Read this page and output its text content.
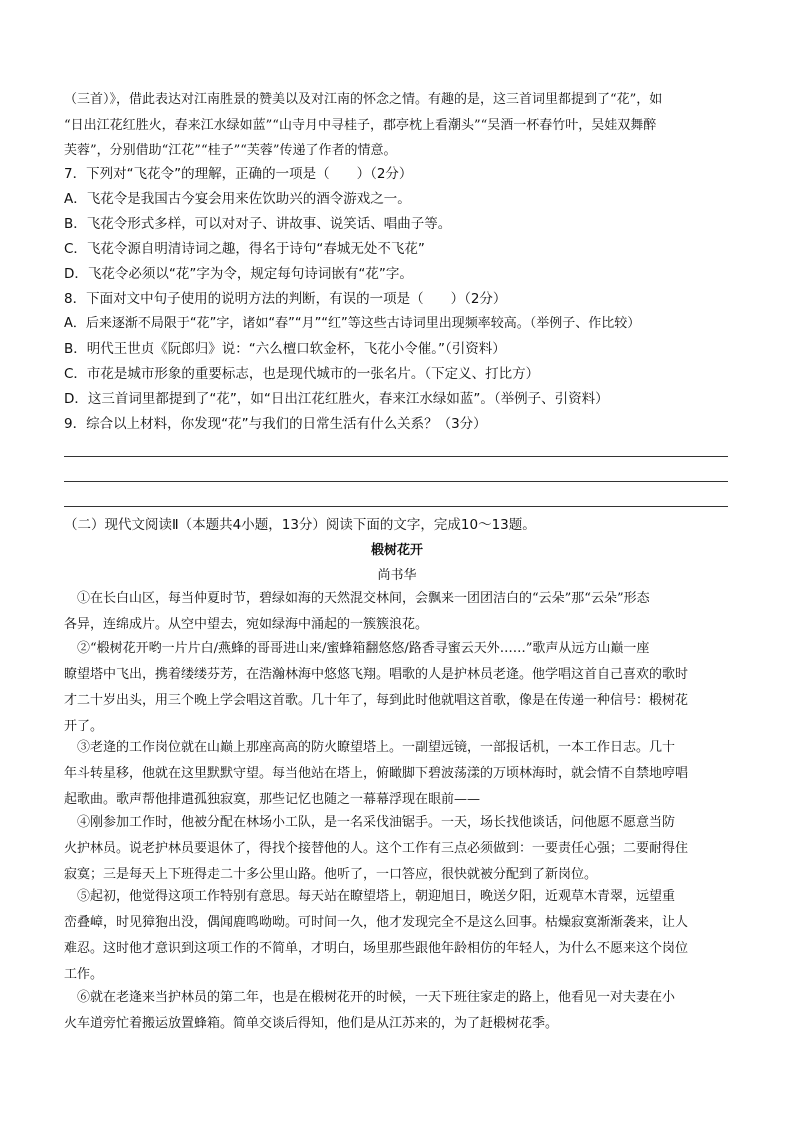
（三首）》，借此表达对江南胜景的赞美以及对江南的怀念之情。有趣的是，这三首词里都提到了“花”，如
“日出江花红胜火，春来江水绿如蓝”“山寺月中寻桂子，郡亭枕上看潮头”“吴酒一杯春竹叶，吴娃双舞醉
芙蓉”，分别借助“江花”“桂子”“芙蓉”传递了作者的情意。
7．下列对“飞花令”的理解，正确的一项是（　　）（2分）
A．飞花令是我国古今宴会用来佐饮助兴的酒令游戏之一。
B．飞花令形式多样，可以对对子、讲故事、说笑话、唱曲子等。
C．飞花令源自明清诗词之趣，得名于诗句“春城无处不飞花”
D．飞花令必须以“花”字为令，规定每句诗词嵌有“花”字。
8．下面对文中句子使用的说明方法的判断，有误的一项是（　　）（2分）
A．后来逐渐不局限于“花”字，诸如“春”“月”“红”等这些古诗词里出现频率较高。（举例子、作比较）
B．明代王世贞《阮郎归》说：“六么檀口软金杯，飞花小令催。”（引资料）
C．市花是城市形象的重要标志，也是现代城市的一张名片。（下定义、打比方）
D．这三首词里都提到了“花”，如“日出江花红胜火，春来江水绿如蓝”。（举例子、引资料）
9．综合以上材料，你发现“花”与我们的日常生活有什么关系？（3分）
（二）现代文阅读Ⅱ（本题共4小题，13分）阅读下面的文字，完成10～13题。
椴树花开
尚书华
①在长白山区，每当仲夏时节，碧绿如海的天然混交林间，会飘来一团团洁白的“云朵”那“云朵”形态
各异，连绵成片。从空中望去，宛如绿海中涌起的一簇簇浪花。
②“椴树花开哟一片片白/燕蜂的哥哥进山来/蜜蜂箱翻悠悠/路香寻蜜云天外……”歌声从远方山巅一座
瞭望塔中飞出，携着缕缕芬芳，在浩瀚林海中悠悠飞翔。唱歌的人是护林员老逄。他学唱这首自己喜欢的歌时
才二十岁出头，用三个晚上学会唱这首歌。几十年了，每到此时他就唱这首歌，像是在传递一种信号：椴树花
开了。
③老逄的工作岗位就在山巅上那座高高的防火瞭望塔上。一副望远镜，一部报话机，一本工作日志。几十
年斗转星移，他就在这里默默守望。每当他站在塔上，俯瞰脚下碧波荡漾的万顷林海时，就会情不自禁地哼唱
起歌曲。歌声帮他排遣孤独寂寞，那些记忆也随之一幕幕浮现在眼前——
④刚参加工作时，他被分配在林场小工队，是一名采伐油锯手。一天，场长找他谈话，问他愿不愿意当防
火护林员。说老护林员要退休了，得找个接替他的人。这个工作有三点必须做到：一要责任心强；二要耐得住
寂寞；三是每天上下班得走二十多公里山路。他听了，一口答应，很快就被分配到了新岗位。
⑤起初，他觉得这项工作特别有意思。每天站在瞭望塔上，朝迎旭日，晚送夕阳，近观草木青翠，远望重
峦叠嶂，时见獐狍出没，偶闻鹿鸣呦呦。可时间一久，他才发现完全不是这么回事。枯燥寂寞渐渐袭来，让人
难忍。这时他才意识到这项工作的不简单，才明白，场里那些跟他年龄相仿的年轻人，为什么不愿来这个岗位
工作。
⑥就在老逄来当护林员的第二年，也是在椴树花开的时候，一天下班往家走的路上，他看见一对夫妻在小
火车道旁忙着搬运放置蜂箱。简单交谈后得知，他们是从江苏来的，为了赶椴树花季。
